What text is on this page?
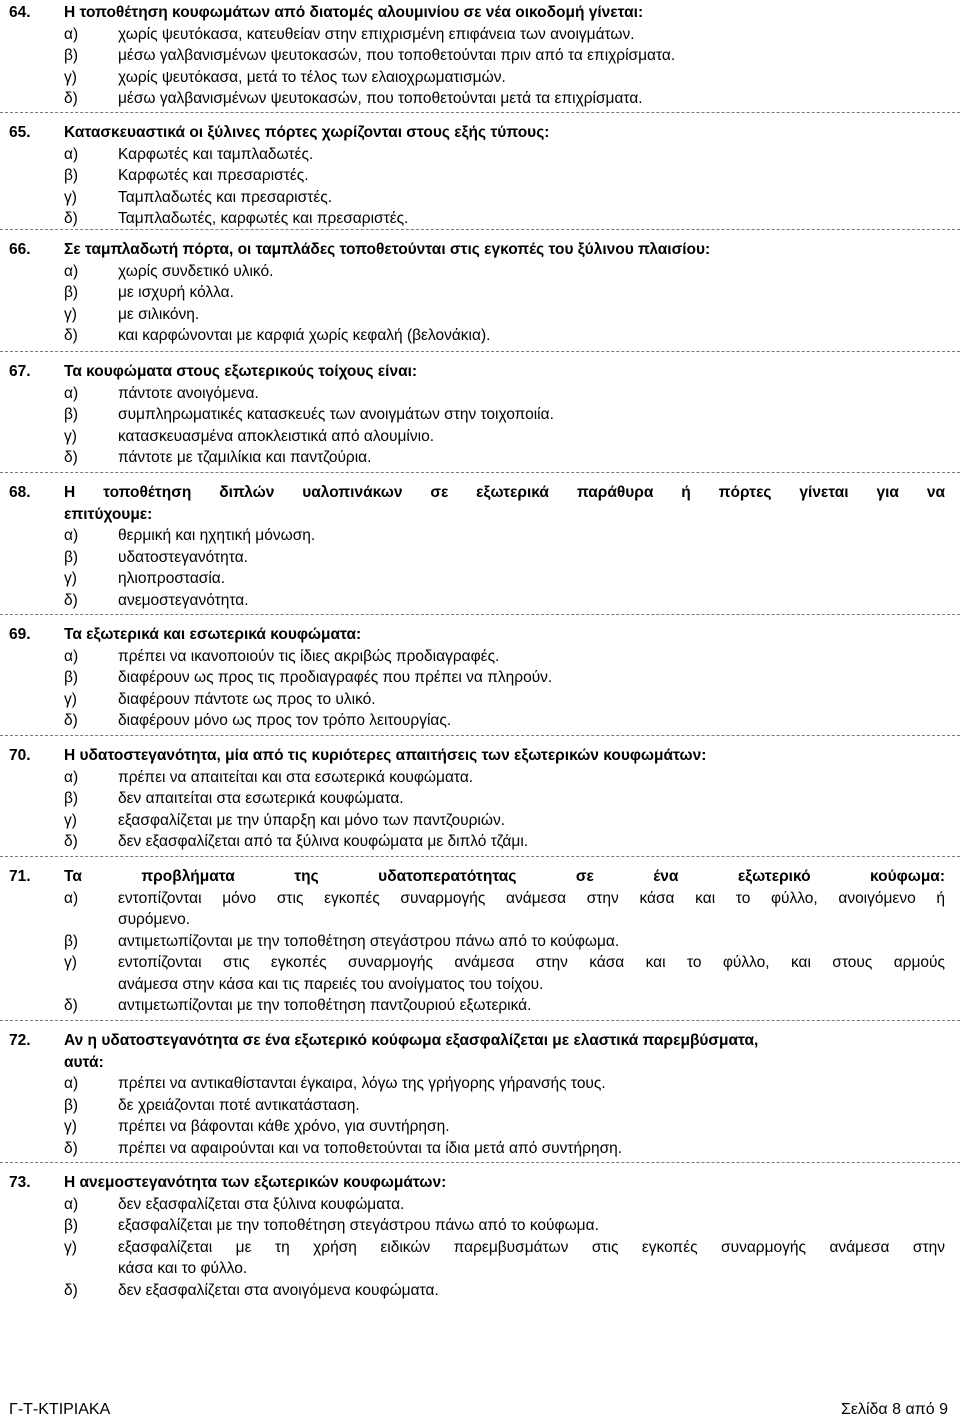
64. Η τοποθέτηση κουφωμάτων από διατομές αλουμινίου σε νέα οικοδομή γίνεται:
α)	χωρίς ψευτόκασα, κατευθείαν στην επιχρισμένη επιφάνεια των ανοιγμάτων.
β)	μέσω γαλβανισμένων ψευτοκασών, που τοποθετούνται πριν από τα επιχρίσματα.
γ)	χωρίς ψευτόκασα, μετά το τέλος των ελαιοχρωματισμών.
δ)	μέσω γαλβανισμένων ψευτοκασών, που τοποθετούνται μετά τα επιχρίσματα.
65. Κατασκευαστικά οι ξύλινες πόρτες χωρίζονται στους εξής τύπους:
α)	Καρφωτές και ταμπλαδωτές.
β)	Καρφωτές και πρεσαριστές.
γ)	Ταμπλαδωτές και πρεσαριστές.
δ)	Ταμπλαδωτές, καρφωτές και πρεσαριστές.
66. Σε ταμπλαδωτή πόρτα, οι ταμπλάδες τοποθετούνται στις εγκοπές του ξύλινου πλαισίου:
α)	χωρίς συνδετικό υλικό.
β)	με ισχυρή κόλλα.
γ)	με σιλικόνη.
δ)	και καρφώνονται με καρφιά χωρίς κεφαλή (βελονάκια).
67. Τα κουφώματα στους εξωτερικούς τοίχους είναι:
α)	πάντοτε ανοιγόμενα.
β)	συμπληρωματικές κατασκευές των ανοιγμάτων στην τοιχοποιία.
γ)	κατασκευασμένα αποκλειστικά από αλουμίνιο.
δ)	πάντοτε με τζαμιλίκια και παντζούρια.
68. Η τοποθέτηση διπλών υαλοπινάκων σε εξωτερικά παράθυρα ή πόρτες γίνεται για να
επιτύχουμε:
α)	θερμική και ηχητική μόνωση.
β)	υδατοστεγανότητα.
γ)	ηλιοπροστασία.
δ)	ανεμοστεγανότητα.
69. Τα εξωτερικά και εσωτερικά κουφώματα:
α)	πρέπει να ικανοποιούν τις ίδιες ακριβώς προδιαγραφές.
β)	διαφέρουν ως προς τις προδιαγραφές που πρέπει να πληρούν.
γ)	διαφέρουν πάντοτε ως προς το υλικό.
δ)	διαφέρουν μόνο ως προς τον τρόπο λειτουργίας.
70. Η υδατοστεγανότητα, μία από τις κυριότερες απαιτήσεις των εξωτερικών κουφωμάτων:
α)	πρέπει να απαιτείται και στα εσωτερικά κουφώματα.
β)	δεν απαιτείται στα εσωτερικά κουφώματα.
γ)	εξασφαλίζεται με την ύπαρξη και μόνο των παντζουριών.
δ)	δεν εξασφαλίζεται από τα ξύλινα κουφώματα με διπλό τζάμι.
71. Τα προβλήματα της υδατοπερατότητας σε ένα εξωτερικό κούφωμα:
α)	εντοπίζονται μόνο στις εγκοπές συναρμογής ανάμεσα στην κάσα και το φύλλο, ανοιγόμενο ή
συρόμενο.
β)	αντιμετωπίζονται με την τοποθέτηση στεγάστρου πάνω από το κούφωμα.
γ)	εντοπίζονται στις εγκοπές συναρμογής ανάμεσα στην κάσα και το φύλλο, και στους αρμούς
ανάμεσα στην κάσα και τις παρειές του ανοίγματος του τοίχου.
δ)	αντιμετωπίζονται με την τοποθέτηση παντζουριού εξωτερικά.
72. Αν η υδατοστεγανότητα σε ένα εξωτερικό κούφωμα εξασφαλίζεται με ελαστικά παρεμβύσματα,
αυτά:
α)	πρέπει να αντικαθίστανται έγκαιρα, λόγω της γρήγορης γήρανσής τους.
β)	δε χρειάζονται ποτέ αντικατάσταση.
γ)	πρέπει να βάφονται κάθε χρόνο, για συντήρηση.
δ)	πρέπει να αφαιρούνται και να τοποθετούνται τα ίδια μετά από συντήρηση.
73. Η ανεμοστεγανότητα των εξωτερικών κουφωμάτων:
α)	δεν εξασφαλίζεται στα ξύλινα κουφώματα.
β)	εξασφαλίζεται με την τοποθέτηση στεγάστρου πάνω από το κούφωμα.
γ)	εξασφαλίζεται με τη χρήση ειδικών παρεμβυσμάτων στις εγκοπές συναρμογής ανάμεσα στην
κάσα και το φύλλο.
δ)	δεν εξασφαλίζεται στα ανοιγόμενα κουφώματα.
Γ-Τ-ΚΤΙΡΙΑΚΑ	Σελίδα 8 από 9
